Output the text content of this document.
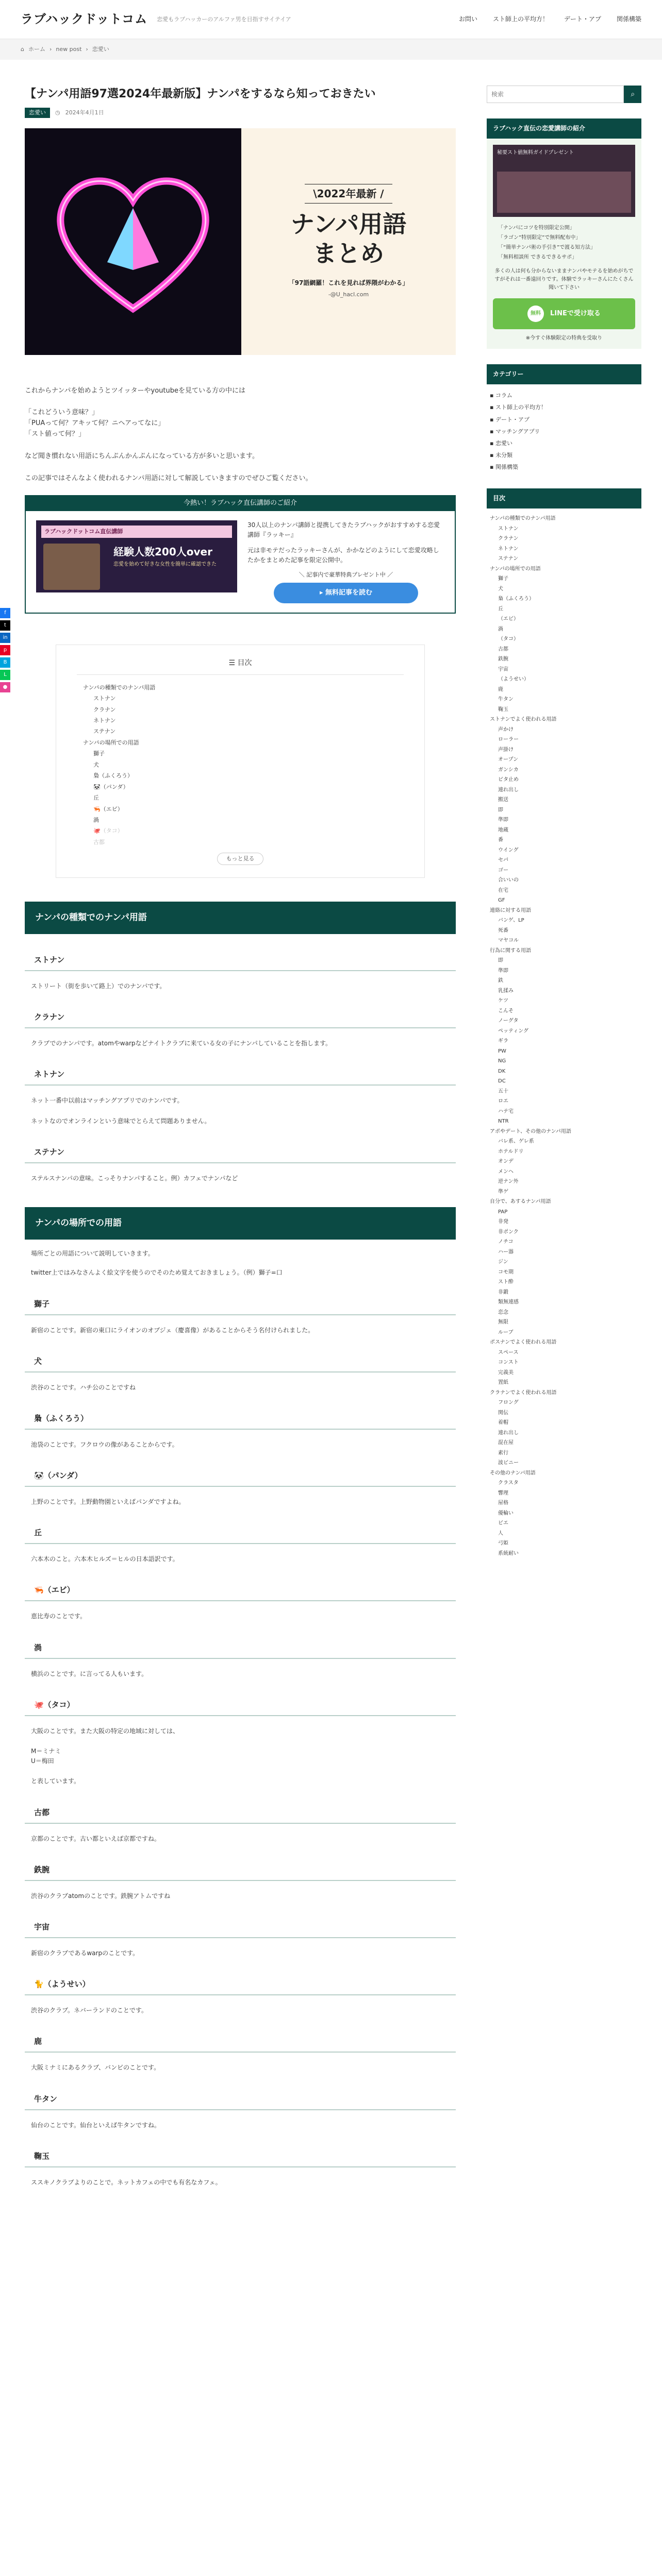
ラブハックドットコム 恋愛もラブハッカーのアルファ男を目指すサイテイア	お問い	スト師上の平均方！	デート・アプ	関係構築
⌂ ホーム › new post › 恋愛い
f
t
in
p
B
L
●
【ナンパ用語97選2024年最新版】ナンパをするなら知っておきたい
恋愛い	◷ 2024年4月1日
\2022年最新 /
ナンパ用語
まとめ
「97語網羅！これを見れば界隈がわかる」
-@U_hacl.com

これからナンパを始めようとツイッターやyoutubeを見ている方の中には

「これどういう意味？」
「PUAって何？アキッて何？ニヘアってなに」
「スト値って何？」

など聞き慣れない用語にちんぷんかんぷんになっている方が多いと思います。

この記事ではそんなよく使われるナンパ用語に対して解説していきますのでぜひご覧ください。

今熱い！ラブハック直伝講師のご紹介
ラブハックドットコム直伝講師
経験人数200人over
恋愛を始めて好きな女性を簡単に確認できた

30人以上のナンパ講師と提携してきたラブハックがおすすめする恋愛講師『ラッキー』

元は非モテだったラッキーさんが、かかなどのようにして恋愛攻略したかをまとめた記事を限定公開中。

＼ 記事内で豪華特典プレゼント中 ／
▸ 無料記事を読む
☰ 目次
ナンパの種類でのナンパ用語
ストナン
クラナン
ネトナン
ステナン
ナンパの場所での用語
獅子
犬
梟（ふくろう）
🐼（パンダ）
丘
🦐（エビ）
渦
🐙（タコ）
古都
もっと見る
ナンパの種類でのナンパ用語
ストナン

ストリート（街を歩いて路上）でのナンパです。

クラナン

クラブでのナンパです。atomやwarpなどナイトクラブに来ている女の子にナンパしていることを指します。

ネトナン

ネット一番中以前はマッチングアプリでのナンパです。

ネットなのでオンラインという意味でとらえて問題ありません。

ステナン

ステルスナンパの意味。こっそりナンパすること。例）カフェでナンパなど

ナンパの場所での用語

場所ごとの用語について説明していきます。

twitter上ではみなさんよく絵文字を使うのでそのため覚えておきましょう。（例）獅子=口

獅子

新宿のことです。新宿の東口にライオンのオブジェ（慶喜像）があることからそう名付けられました。

犬

渋谷のことです。ハチ公のことですね

梟（ふくろう）

池袋のことです。フクロウの像があることからです。

🐼（パンダ）

上野のことです。上野動物園といえばパンダですよね。

丘

六本木のこと。六本木ヒルズ＝ヒルの日本語訳です。

🦐（エビ）

恵比寿のことです。

渦

横浜のことです。に言ってる人もいます。

🐙（タコ）

大阪のことです。また大阪の特定の地域に対しては、

M＝ミナミ
U＝梅田

と表しています。

古都

京都のことです。古い都といえば京都ですね。

鉄腕

渋谷のクラブatomのことです。鉄腕アトムですね

宇宙

新宿のクラブであるwarpのことです。

🐈（ようせい）

渋谷のクラブ。ネバーランドのことです。

鹿

大阪ミナミにあるクラブ、バンビのことです。

牛タン

仙台のことです。仙台といえば牛タンですね。

鞠玉

ススキノクラブよりのことで。ネットカフェの中でも有名なカフェ。

検索
⌕
ラブハック直伝の恋愛講師の紹介
秘要スト値無料ガイドプレゼント
「ナンパにコツを特別限定公開」
「ラゴン”特別限定”で無料配布中」
「“簡単ナンパ術の手引き”で渡る知方法」
「無料相談所 できるできるサポ」
多くの人は何も分からないままナンパやモテるを始めがちですがそれは一番遠回りです。体験でラッキーさんにたくさん聞いて下さい
無料	LINEで受け取る
※今すぐ体験限定の特典を受取り
カテゴリー
▪ コラム
▪ スト師上の平均方！
▪ デート・アプ
▪ マッチングアプリ
▪ 恋愛い
▪ 未分類
▪ 関係構築
目次
ナンパの種類でのナンパ用語
ストナン
クラナン
ネトナン
ステナン
ナンパの場所での用語
獅子
犬
梟（ふくろう）
丘
（エビ）
渦
（タコ）
古都
鉄腕
宇宙
（ようせい）
鹿
牛タン
鞠玉
ストナンでよく使われる用語
声かけ
ローラー
声掛け
オープン
ガンシカ
ビタ止め
連れ出し
搬送
即
準即
地蔵
番
ウイング
セパ
ゴー
合いいの
在宅
GF
連絡に対する用語
バンゲ、LP
死番
マヤコル
行為に関する用語
即
準即
鉄
乳揉み
ケツ
こんそ
ノーグタ
ペッティング
ギラ
PW
NG
DK
DC
五十
ロエ
ハテ宅
NTR
アポやデート、その他のナンパ用語
バレ系、ゲレ系
ホテルドリ
オンデ
メンヘ
逆ナン外
準ゲ
自分で、あするナンパ用語
PAP
非発
非ポンク
ノチコ
ハー器
ジン
コモ期
スト酔
非鍛
類無連感
恋念
無限
ルーブ
ポスナンでよく使われる用語
スペース
コンスト
完義美
置紙
クラナンでよく使われる用語
フロング
関伝
着帽
連れ出し
混在屋
素行
波ビニー
その他のナンパ用語
クラスタ
響理
屋格
優輪い
ビエ
人
弓姫
系統耐い
